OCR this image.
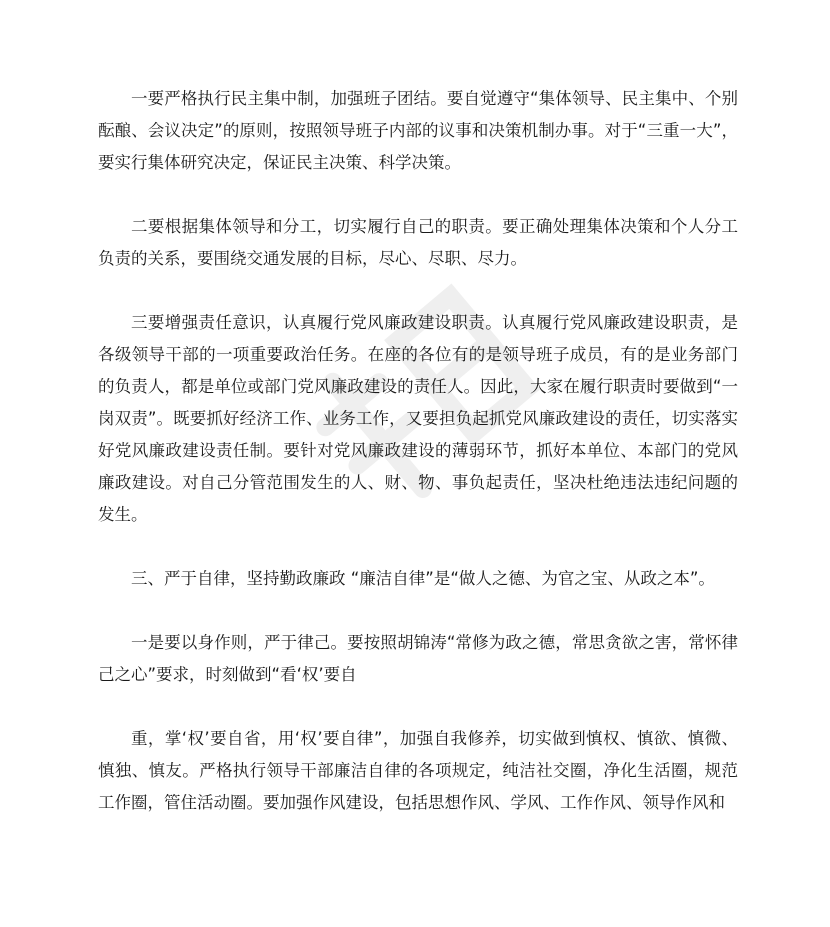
一要严格执行民主集中制，加强班子团结。要自觉遵守“集体领导、民主集中、个别酝酿、会议决定”的原则，按照领导班子内部的议事和决策机制办事。对于“三重一大”，要实行集体研究决定，保证民主决策、科学决策。

二要根据集体领导和分工，切实履行自己的职责。要正确处理集体决策和个人分工负责的关系，要围绕交通发展的目标，尽心、尽职、尽力。

三要增强责任意识，认真履行党风廉政建设职责。认真履行党风廉政建设职责，是各级领导干部的一项重要政治任务。在座的各位有的是领导班子成员，有的是业务部门的负责人，都是单位或部门党风廉政建设的责任人。因此，大家在履行职责时要做到“一岗双责”。既要抓好经济工作、业务工作，又要担负起抓党风廉政建设的责任，切实落实好党风廉政建设责任制。要针对党风廉政建设的薄弱环节，抓好本单位、本部门的党风廉政建设。对自己分管范围发生的人、财、物、事负起责任，坚决杜绝违法违纪问题的发生。

三、严于自律，坚持勤政廉政 “廉洁自律”是“做人之德、为官之宝、从政之本”。

一是要以身作则，严于律己。要按照胡锦涛“常修为政之德，常思贪欲之害，常怀律己之心”要求，时刻做到“看‘权’要自

重，掌‘权’要自省，用‘权’要自律”，加强自我修养，切实做到慎权、慎欲、慎微、慎独、慎友。严格执行领导干部廉洁自律的各项规定，纯洁社交圈，净化生活圈，规范工作圈，管住活动圈。要加强作风建设，包括思想作风、学风、工作作风、领导作风和
